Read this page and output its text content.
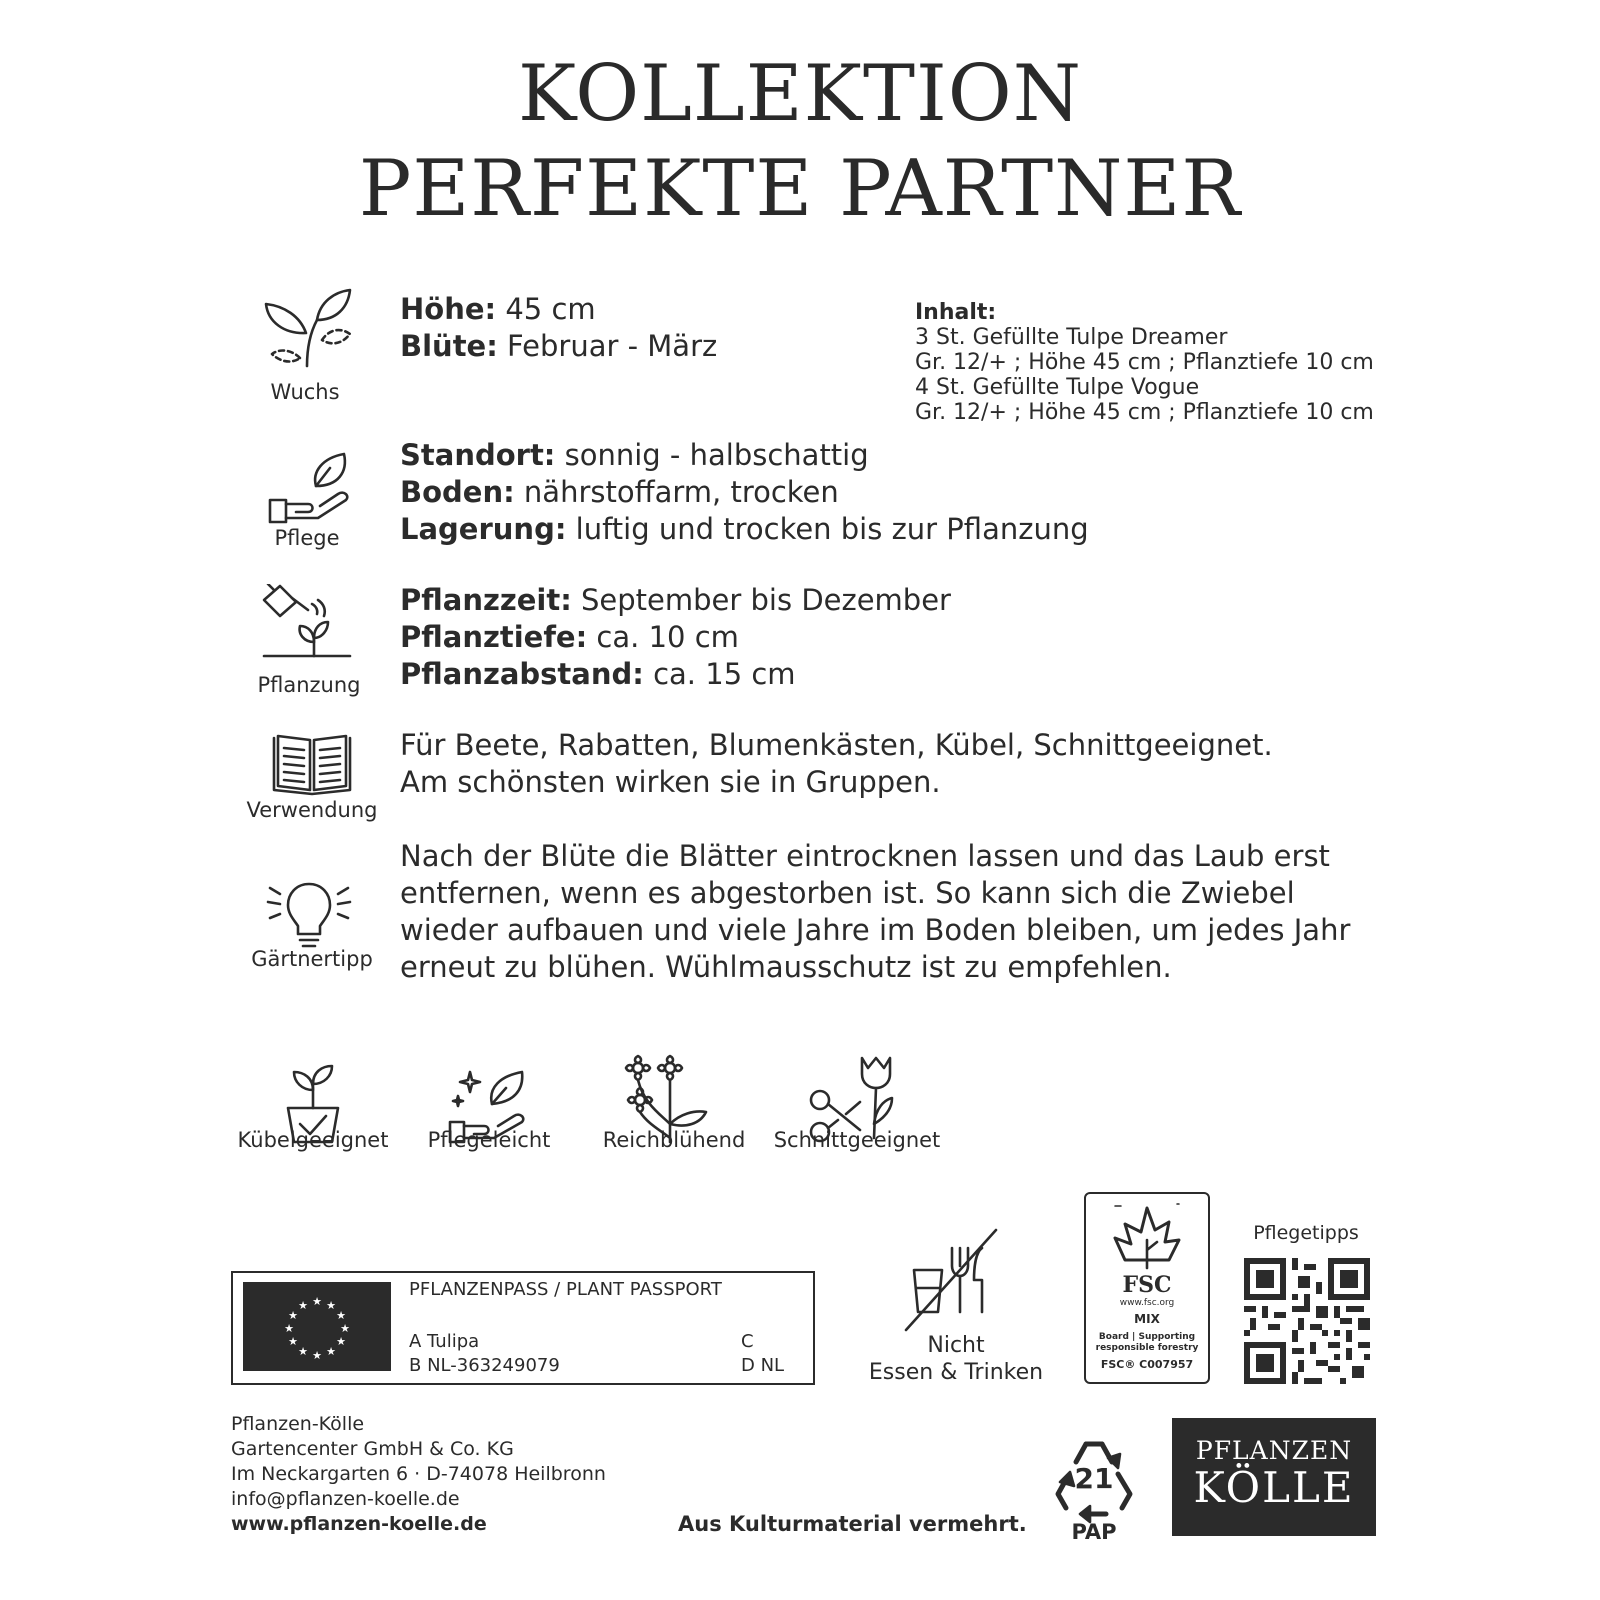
KOLLEKTION
PERFEKTE PARTNER
Wuchs
Höhe: 45 cm
Blüte: Februar - März
Inhalt:
3 St. Gefüllte Tulpe Dreamer
Gr. 12/+ ; Höhe 45 cm ; Pflanztiefe 10 cm
4 St. Gefüllte Tulpe Vogue
Gr. 12/+ ; Höhe 45 cm ; Pflanztiefe 10 cm
Pflege
Standort: sonnig - halbschattig
Boden: nährstoffarm, trocken
Lagerung: luftig und trocken bis zur Pflanzung
Pflanzung
Pflanzzeit: September bis Dezember
Pflanztiefe: ca. 10 cm
Pflanzabstand: ca. 15 cm
Verwendung
Für Beete, Rabatten, Blumenkästen, Kübel, Schnittgeeignet.
Am schönsten wirken sie in Gruppen.
Gärtnertipp
Nach der Blüte die Blätter eintrocknen lassen und das Laub erst
entfernen, wenn es abgestorben ist. So kann sich die Zwiebel
wieder aufbauen und viele Jahre im Boden bleiben, um jedes Jahr
erneut zu blühen. Wühlmausschutz ist zu empfehlen.
Kübelgeeignet	Pflegeleicht	Reichblühend	Schnittgeeignet
★ ★
★
★
★
★
★
★
★
★
★
★
PFLANZENPASS / PLANT PASSPORT
A Tulipa
B NL-363249079
C
D NL
Nicht
Essen & Trinken
FSC
www.fsc.org
MIX
Board | Supporting
responsible forestry
FSC® C007957
Pflegetipps
Pflanzen-Kölle
Gartencenter GmbH & Co. KG
Im Neckargarten 6 · D-74078 Heilbronn
info@pflanzen-koelle.de
www.pflanzen-koelle.de	Aus Kulturmaterial vermehrt.
21
PAP
PFLANZEN
KÖLLE
